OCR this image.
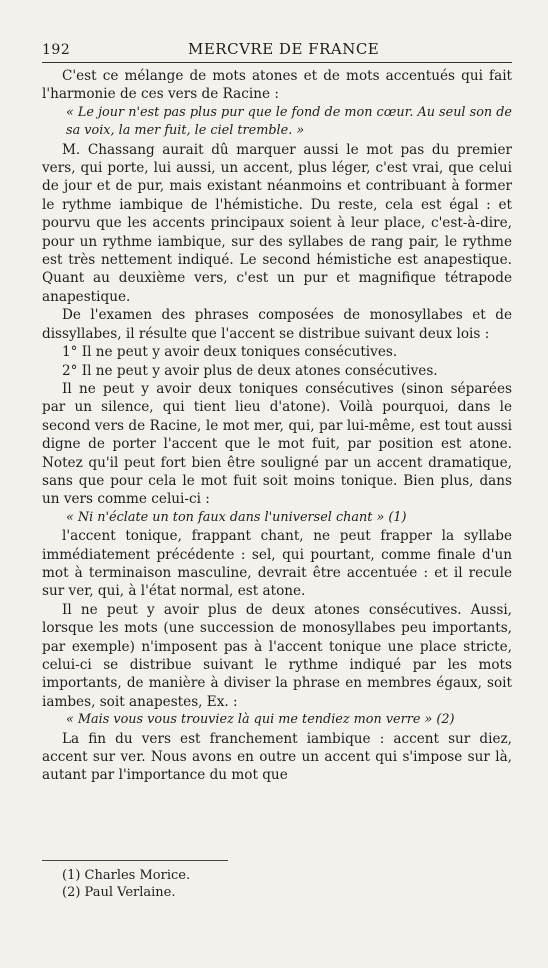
192	MERCVRE DE FRANCE

C'est ce mélange de mots atones et de mots accentués qui fait l'harmonie de ces vers de Racine :

« Le jour n'est pas plus pur que le fond de mon cœur. Au seul son de sa voix, la mer fuit, le ciel tremble. »

M. Chassang aurait dû marquer aussi le mot pas du premier vers, qui porte, lui aussi, un accent, plus léger, c'est vrai, que celui de jour et de pur, mais existant néanmoins et contribuant à former le rythme iambique de l'hémistiche. Du reste, cela est égal : et pourvu que les accents principaux soient à leur place, c'est-à-dire, pour un rythme iambique, sur des syllabes de rang pair, le rythme est très nettement indiqué. Le second hémistiche est anapestique. Quant au deuxième vers, c'est un pur et magnifique tétrapode anapestique.

De l'examen des phrases composées de monosyllabes et de dissyllabes, il résulte que l'accent se distribue suivant deux lois :

1° Il ne peut y avoir deux toniques consécutives.

2° Il ne peut y avoir plus de deux atones consécutives.

Il ne peut y avoir deux toniques consécutives (sinon séparées par un silence, qui tient lieu d'atone). Voilà pourquoi, dans le second vers de Racine, le mot mer, qui, par lui-même, est tout aussi digne de porter l'accent que le mot fuit, par position est atone. Notez qu'il peut fort bien être souligné par un accent dramatique, sans que pour cela le mot fuit soit moins tonique. Bien plus, dans un vers comme celui-ci :

« Ni n'éclate un ton faux dans l'universel chant » (1)

l'accent tonique, frappant chant, ne peut frapper la syllabe immédiatement précédente : sel, qui pourtant, comme finale d'un mot à terminaison masculine, devrait être accentuée : et il recule sur ver, qui, à l'état normal, est atone.

Il ne peut y avoir plus de deux atones consécutives. Aussi, lorsque les mots (une succession de monosyllabes peu importants, par exemple) n'imposent pas à l'accent tonique une place stricte, celui-ci se distribue suivant le rythme indiqué par les mots importants, de manière à diviser la phrase en membres égaux, soit iambes, soit anapestes, Ex. :

« Mais vous vous trouviez là qui me tendiez mon verre » (2)

La fin du vers est franchement iambique : accent sur diez, accent sur ver. Nous avons en outre un accent qui s'impose sur là, autant par l'importance du mot que

(1) Charles Morice.
(2) Paul Verlaine.
